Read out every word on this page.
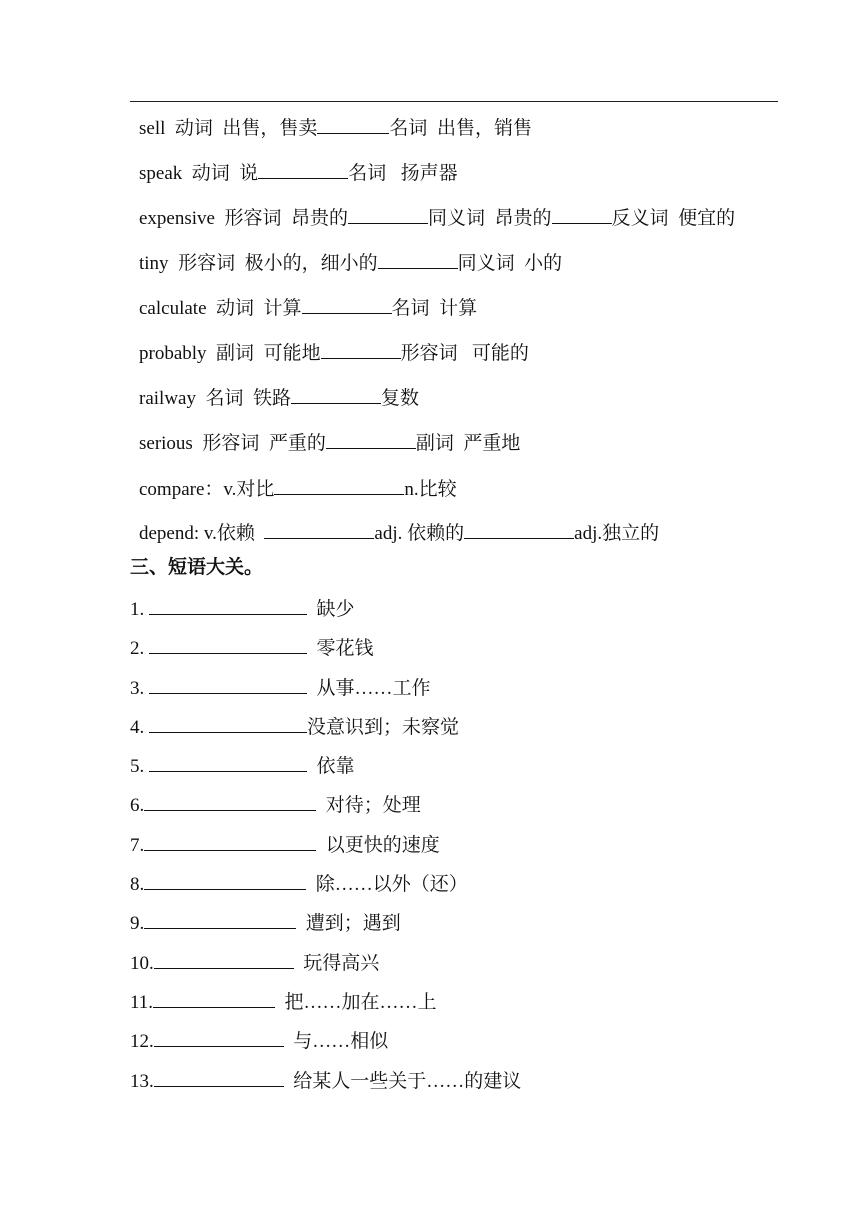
sell 动词 出售，售卖	名词 出售，销售
speak 动词 说	名词 扬声器
expensive 形容词 昂贵的	同义词 昂贵的	反义词 便宜的
tiny 形容词 极小的，细小的	同义词 小的
calculate 动词 计算	名词 计算
probably 副词 可能地	形容词 可能的
railway 名词 铁路	复数
serious 形容词 严重的	副词 严重地
compare：v.对比	n.比较
depend: v.依赖	adj. 依赖的	adj.独立的
三、短语大关。
1.	缺少
2.	零花钱
3.	从事……工作
4.	没意识到；未察觉
5.	依靠
6.	对待；处理
7.	以更快的速度
8.	除……以外（还）
9.	遭到；遇到
10.	玩得高兴
11.	把……加在……上
12.	与……相似
13.	给某人一些关于……的建议
